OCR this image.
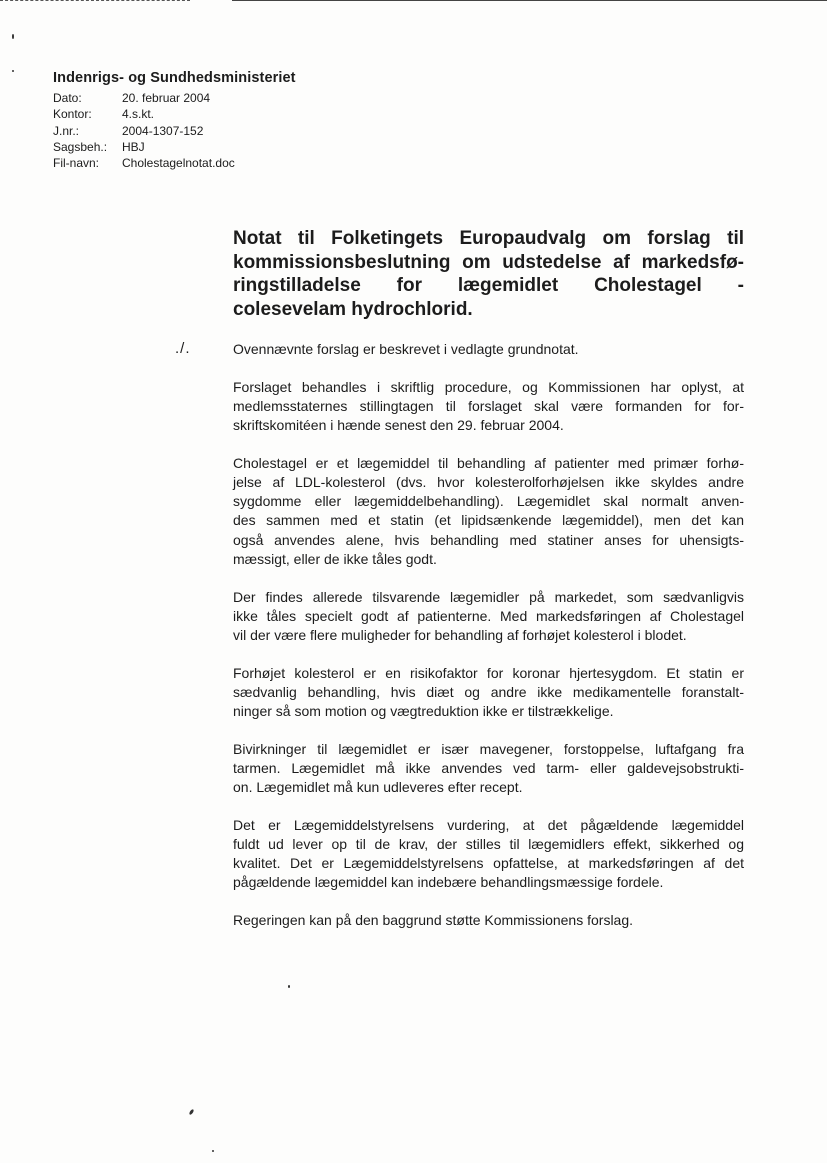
Indenrigs- og Sundhedsministeriet
Dato:	20. februar 2004
Kontor:	4.s.kt.
J.nr.:	2004-1307-152
Sagsbeh.:	HBJ
Fil-navn:	Cholestagelnotat.doc
Notat til Folketingets Europaudvalg om forslag til
kommissionsbeslutning om udstedelse af markedsfø-
ringstilladelse for lægemidlet Cholestagel -
colesevelam hydrochlorid.
./.	Ovennævnte forslag er beskrevet i vedlagte grundnotat.
Forslaget behandles i skriftlig procedure, og Kommissionen har oplyst, at
medlemsstaternes stillingtagen til forslaget skal være formanden for for-
skriftskomitéen i hænde senest den 29. februar 2004.
Cholestagel er et lægemiddel til behandling af patienter med primær forhø-
jelse af LDL-kolesterol (dvs. hvor kolesterolforhøjelsen ikke skyldes andre
sygdomme eller lægemiddelbehandling). Lægemidlet skal normalt anven-
des sammen med et statin (et lipidsænkende lægemiddel), men det kan
også anvendes alene, hvis behandling med statiner anses for uhensigts-
mæssigt, eller de ikke tåles godt.
Der findes allerede tilsvarende lægemidler på markedet, som sædvanligvis
ikke tåles specielt godt af patienterne. Med markedsføringen af Cholestagel
vil der være flere muligheder for behandling af forhøjet kolesterol i blodet.
Forhøjet kolesterol er en risikofaktor for koronar hjertesygdom. Et statin er
sædvanlig behandling, hvis diæt og andre ikke medikamentelle foranstalt-
ninger så som motion og vægtreduktion ikke er tilstrækkelige.
Bivirkninger til lægemidlet er især mavegener, forstoppelse, luftafgang fra
tarmen. Lægemidlet må ikke anvendes ved tarm- eller galdevejsobstrukti-
on. Lægemidlet må kun udleveres efter recept.
Det er Lægemiddelstyrelsens vurdering, at det pågældende lægemiddel
fuldt ud lever op til de krav, der stilles til lægemidlers effekt, sikkerhed og
kvalitet. Det er Lægemiddelstyrelsens opfattelse, at markedsføringen af det
pågældende lægemiddel kan indebære behandlingsmæssige fordele.
Regeringen kan på den baggrund støtte Kommissionens forslag.
